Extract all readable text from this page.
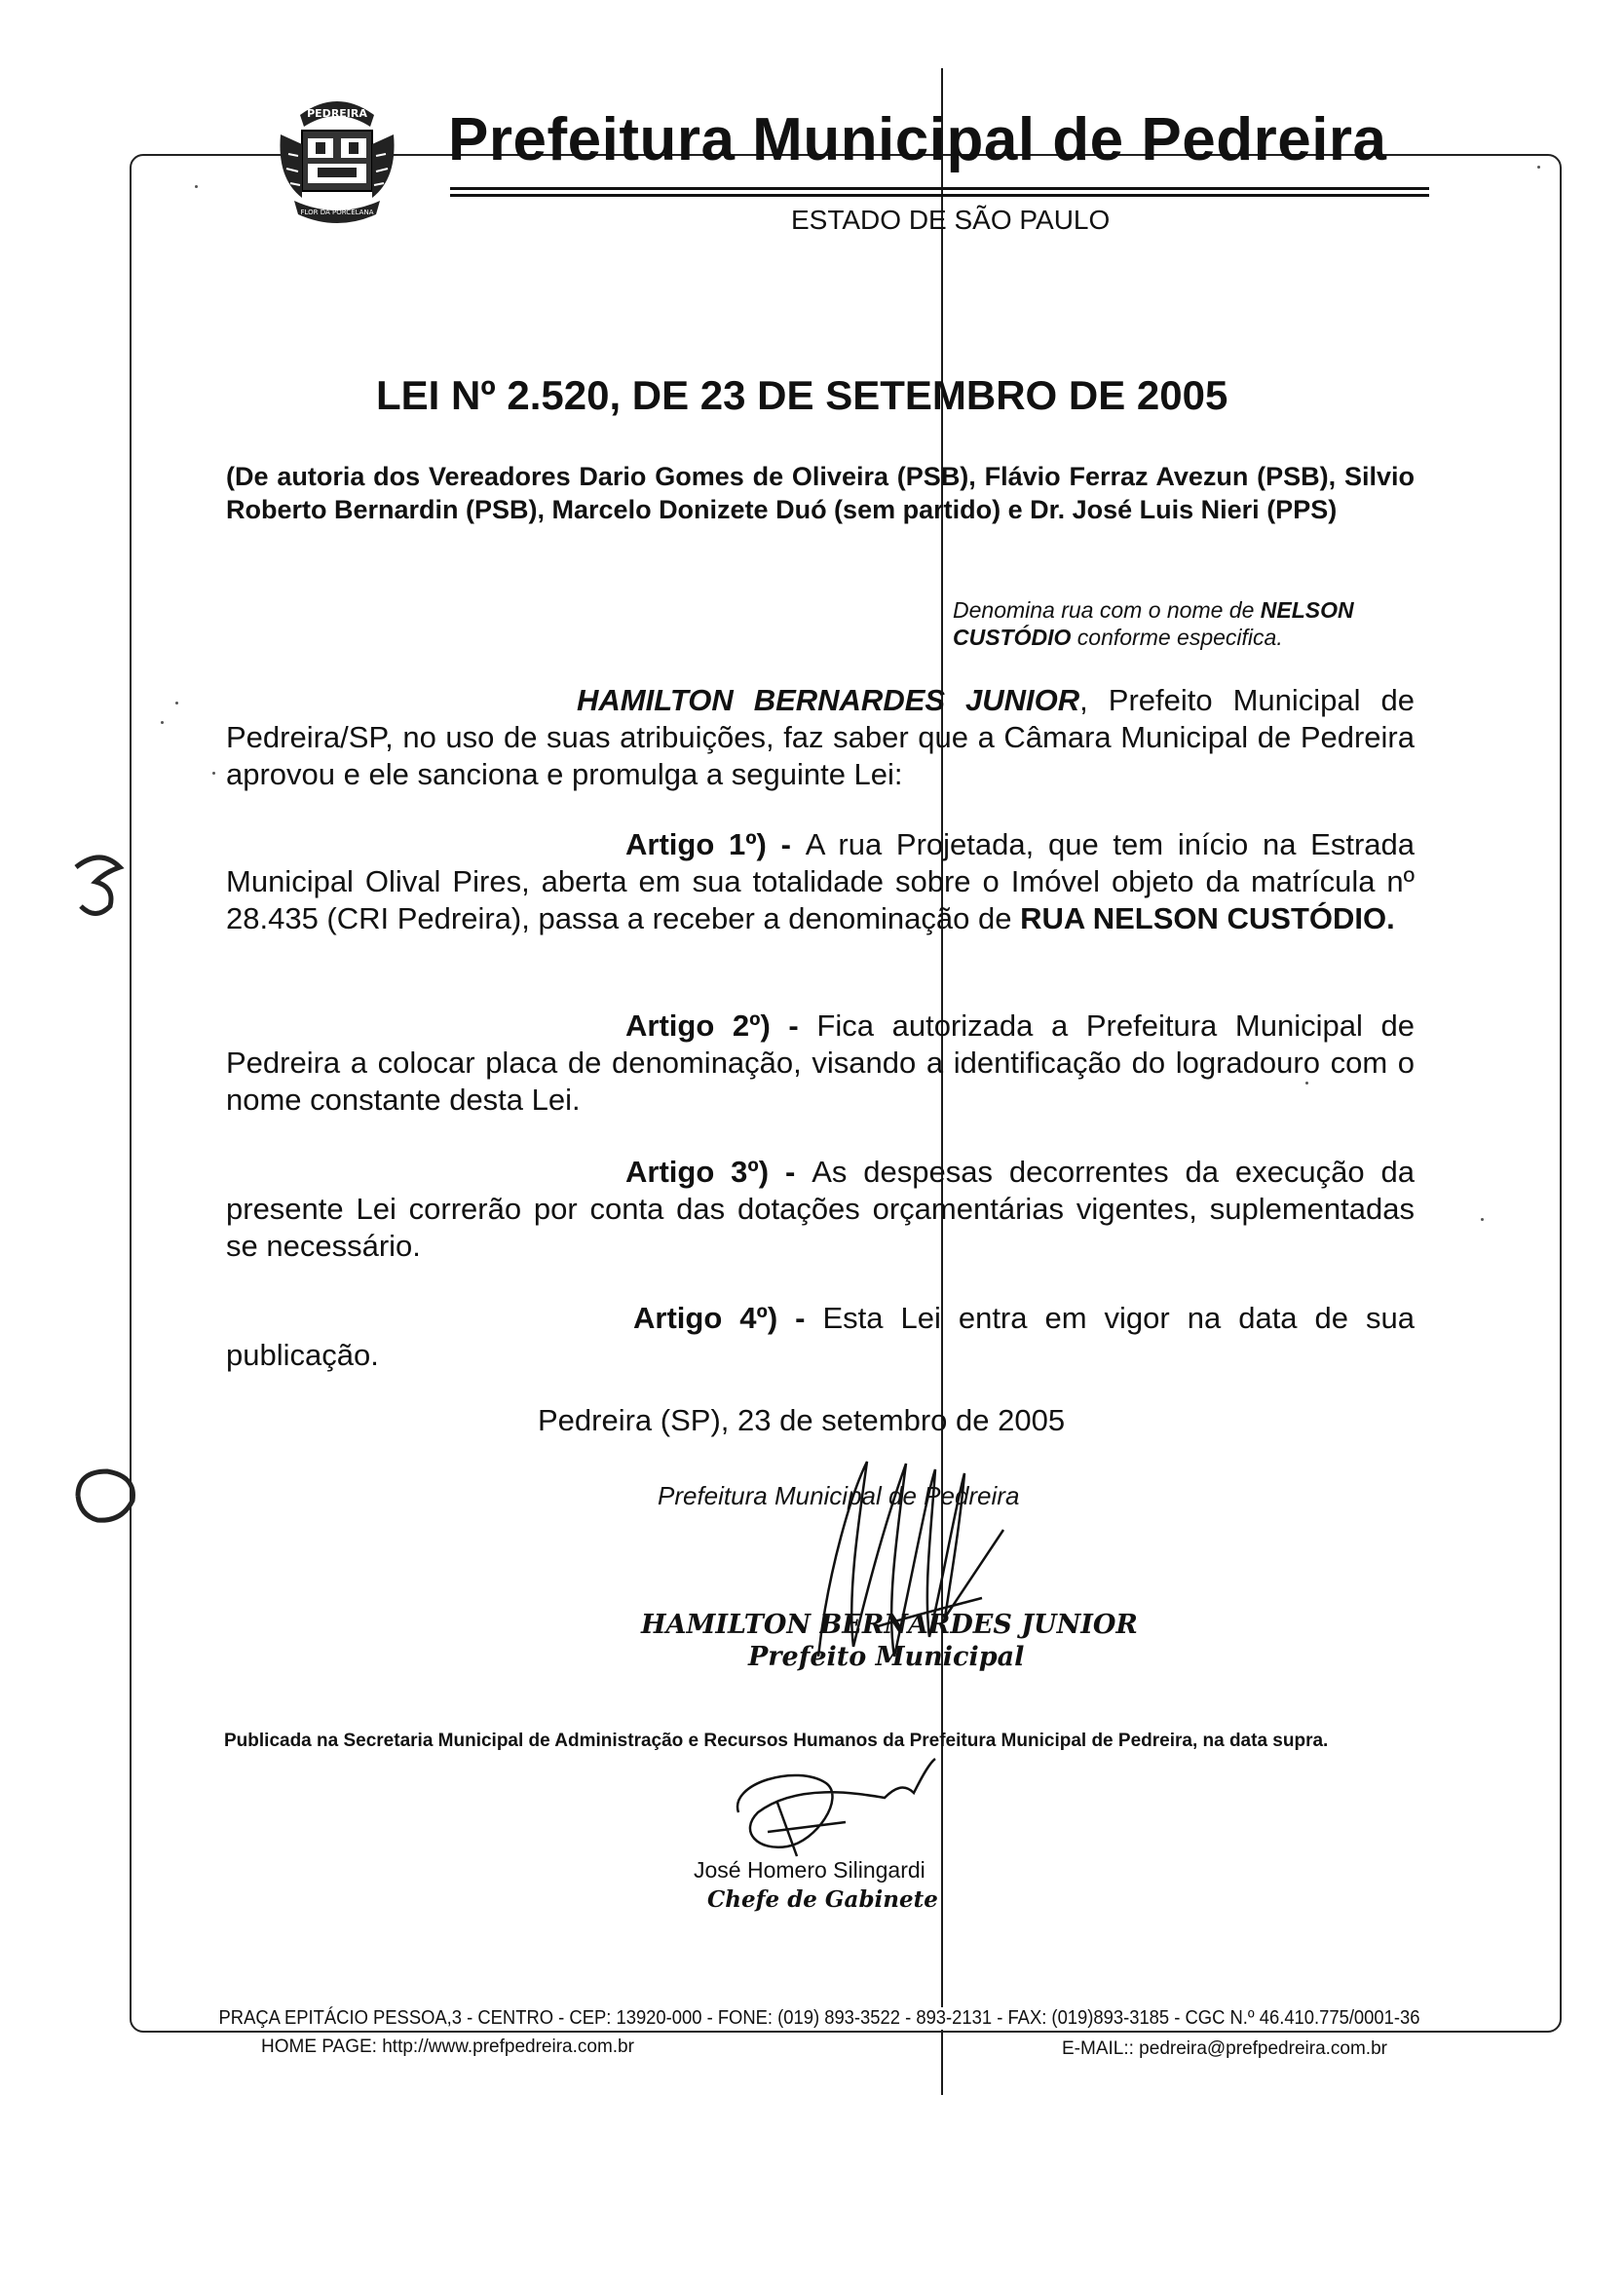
PEDREIRA
FLOR DA PORCELANA
Prefeitura Municipal de Pedreira
ESTADO DE SÃO PAULO
LEI Nº 2.520, DE 23 DE SETEMBRO DE 2005
(De autoria dos Vereadores Dario Gomes de Oliveira (PSB), Flávio Ferraz Avezun (PSB), Silvio Roberto Bernardin (PSB), Marcelo Donizete Duó (sem partido) e Dr. José Luis Nieri (PPS)
Denomina rua com o nome de NELSON CUSTÓDIO conforme especifica.
HAMILTON BERNARDES JUNIOR, Prefeito Municipal de Pedreira/SP, no uso de suas atribuições, faz saber que a Câmara Municipal de Pedreira aprovou e ele sanciona e promulga a seguinte Lei:
Artigo 1º) - A rua Projetada, que tem início na Estrada Municipal Olival Pires, aberta em sua totalidade sobre o Imóvel objeto da matrícula nº 28.435 (CRI Pedreira), passa a receber a denominação de RUA NELSON CUSTÓDIO.
Artigo 2º) - Fica autorizada a Prefeitura Municipal de Pedreira a colocar placa de denominação, visando a identificação do logradouro com o nome constante desta Lei.
Artigo 3º) - As despesas decorrentes da execução da presente Lei correrão por conta das dotações orçamentárias vigentes, suplementadas se necessário.
Artigo 4º) - Esta Lei entra em vigor na data de sua publicação.
Pedreira (SP), 23 de setembro de 2005
Prefeitura Municipal de Pedreira
HAMILTON BERNARDES JUNIOR
Prefeito Municipal
Publicada na Secretaria Municipal de Administração e Recursos Humanos da Prefeitura Municipal de Pedreira, na data supra.
José Homero Silingardi
Chefe de Gabinete
PRAÇA EPITÁCIO PESSOA,3 - CENTRO - CEP: 13920-000 - FONE: (019) 893-3522 - 893-2131 - FAX: (019)893-3185 - CGC N.º 46.410.775/0001-36
HOME PAGE: http://www.prefpedreira.com.br	E-MAIL:: pedreira@prefpedreira.com.br
